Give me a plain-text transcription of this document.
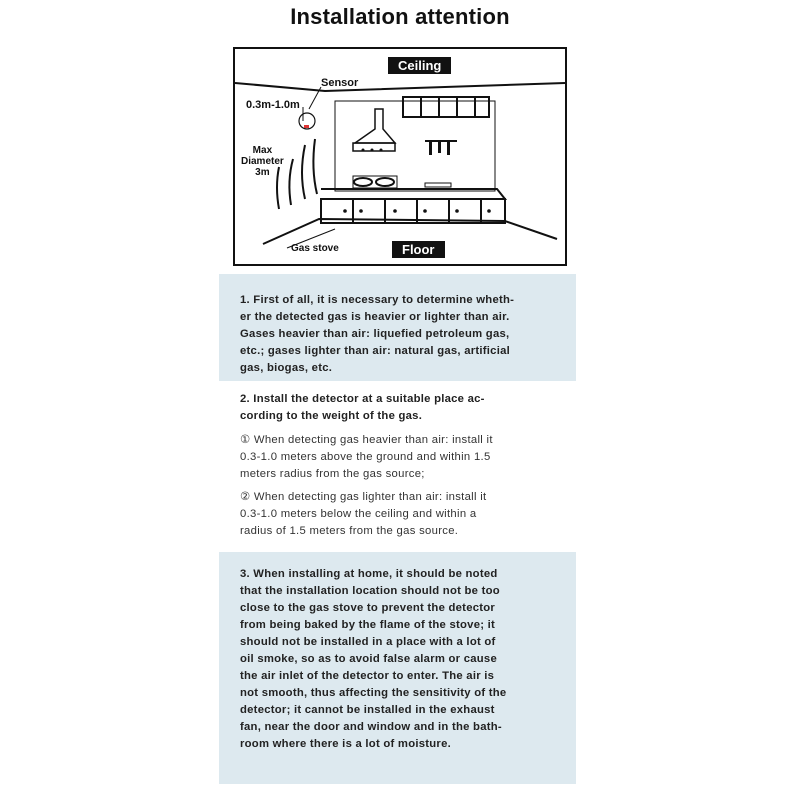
Installation attention
Ceiling
Floor
Sensor
0.3m-1.0m
Max
Diameter
3m
Gas stove

1. First of all, it is necessary to determine wheth-
er the detected gas is heavier or lighter than air.
Gases heavier than air: liquefied petroleum gas,
etc.; gases lighter than air: natural gas, artificial
gas, biogas, etc.

2. Install the detector at a suitable place ac-
cording to the weight of the gas.

① When detecting gas heavier than air: install it
0.3-1.0 meters above the ground and within 1.5
meters radius from the gas source;

② When detecting gas lighter than air: install it
0.3-1.0 meters below the ceiling and within a
radius of 1.5 meters from the gas source.

3. When installing at home, it should be noted
that the installation location should not be too
close to the gas stove to prevent the detector
from being baked by the flame of the stove; it
should not be installed in a place with a lot of
oil smoke, so as to avoid false alarm or cause
the air inlet of the detector to enter. The air is
not smooth, thus affecting the sensitivity of the
detector; it cannot be installed in the exhaust
fan, near the door and window and in the bath-
room where there is a lot of moisture.
